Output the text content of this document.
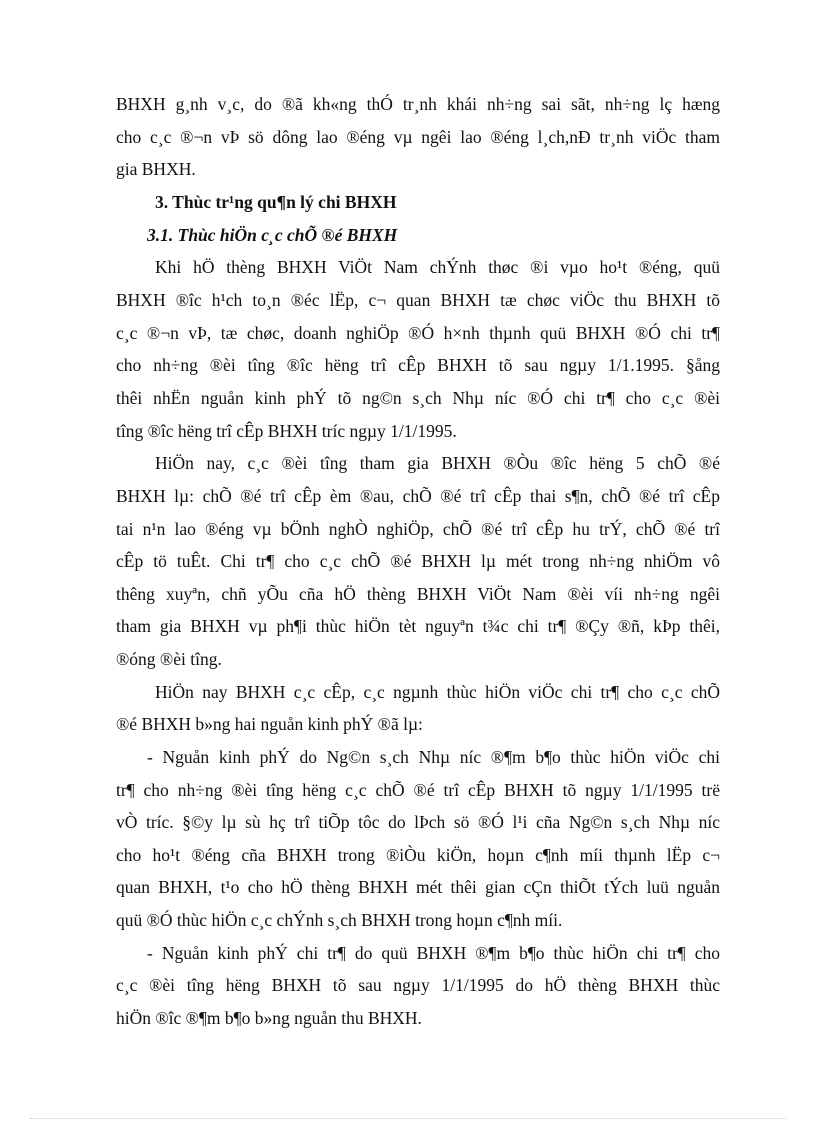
BHXH g¸nh v¸c, do ®ã kh«ng thÓ tr¸nh khái nh÷ng sai sãt, nh÷ng lç hæng
cho c¸c ®¬n vÞ sö dông lao ®éng vµ ngêi lao ®éng l¸ch,nÐ tr¸nh viÖc tham
gia BHXH.
3. Thùc tr¹ng qu¶n lý chi BHXH
3.1. Thùc hiÖn c¸c chÕ ®é BHXH
Khi hÖ thèng BHXH ViÖt Nam chÝnh thøc ®i vµo ho¹t ®éng, quü
BHXH ®îc h¹ch to¸n ®éc lËp, c¬ quan BHXH tæ chøc viÖc thu BHXH tõ
c¸c ®¬n vÞ, tæ chøc, doanh nghiÖp ®Ó h×nh thµnh quü BHXH ®Ó chi tr¶
cho nh÷ng ®èi tîng ®îc hëng trî cÊp BHXH tõ sau ngµy 1/1.1995. §ång
thêi nhËn nguån kinh phÝ tõ ng©n s¸ch Nhµ níc ®Ó chi tr¶ cho c¸c ®èi
tîng ®îc hëng trî cÊp BHXH tríc ngµy 1/1/1995.
HiÖn nay, c¸c ®èi tîng tham gia BHXH ®Òu ®îc hëng 5 chÕ ®é
BHXH lµ: chÕ ®é trî cÊp èm ®au, chÕ ®é trî cÊp thai s¶n, chÕ ®é trî cÊp
tai n¹n lao ®éng vµ bÖnh nghÒ nghiÖp, chÕ ®é trî cÊp hu trÝ, chÕ ®é trî
cÊp tö tuÊt. Chi tr¶ cho c¸c chÕ ®é BHXH lµ mét trong nh÷ng nhiÖm vô
thêng xuyªn, chñ yÕu cña hÖ thèng BHXH ViÖt Nam ®èi víi nh÷ng ngêi
tham gia BHXH vµ ph¶i thùc hiÖn tèt nguyªn t¾c chi tr¶ ®Çy ®ñ, kÞp thêi,
®óng ®èi tîng.
HiÖn nay BHXH c¸c cÊp, c¸c ngµnh thùc hiÖn viÖc chi tr¶ cho c¸c chÕ
®é BHXH b»ng hai nguån kinh phÝ ®ã lµ:
- Nguån kinh phÝ do Ng©n s¸ch Nhµ níc ®¶m b¶o thùc hiÖn viÖc chi
tr¶ cho nh÷ng ®èi tîng hëng c¸c chÕ ®é trî cÊp BHXH tõ ngµy 1/1/1995 trë
vÒ tríc. §©y lµ sù hç trî tiÕp tôc do lÞch sö ®Ó l¹i cña Ng©n s¸ch Nhµ níc
cho ho¹t ®éng cña BHXH trong ®iÒu kiÖn, hoµn c¶nh míi thµnh lËp c¬
quan BHXH, t¹o cho hÖ thèng BHXH mét thêi gian cÇn thiÕt tÝch luü nguån
quü ®Ó thùc hiÖn c¸c chÝnh s¸ch BHXH trong hoµn c¶nh míi.
- Nguån kinh phÝ chi tr¶ do quü BHXH ®¶m b¶o thùc hiÖn chi tr¶ cho
c¸c ®èi tîng hëng BHXH tõ sau ngµy 1/1/1995 do hÖ thèng BHXH thùc
hiÖn ®îc ®¶m b¶o b»ng nguån thu BHXH.
